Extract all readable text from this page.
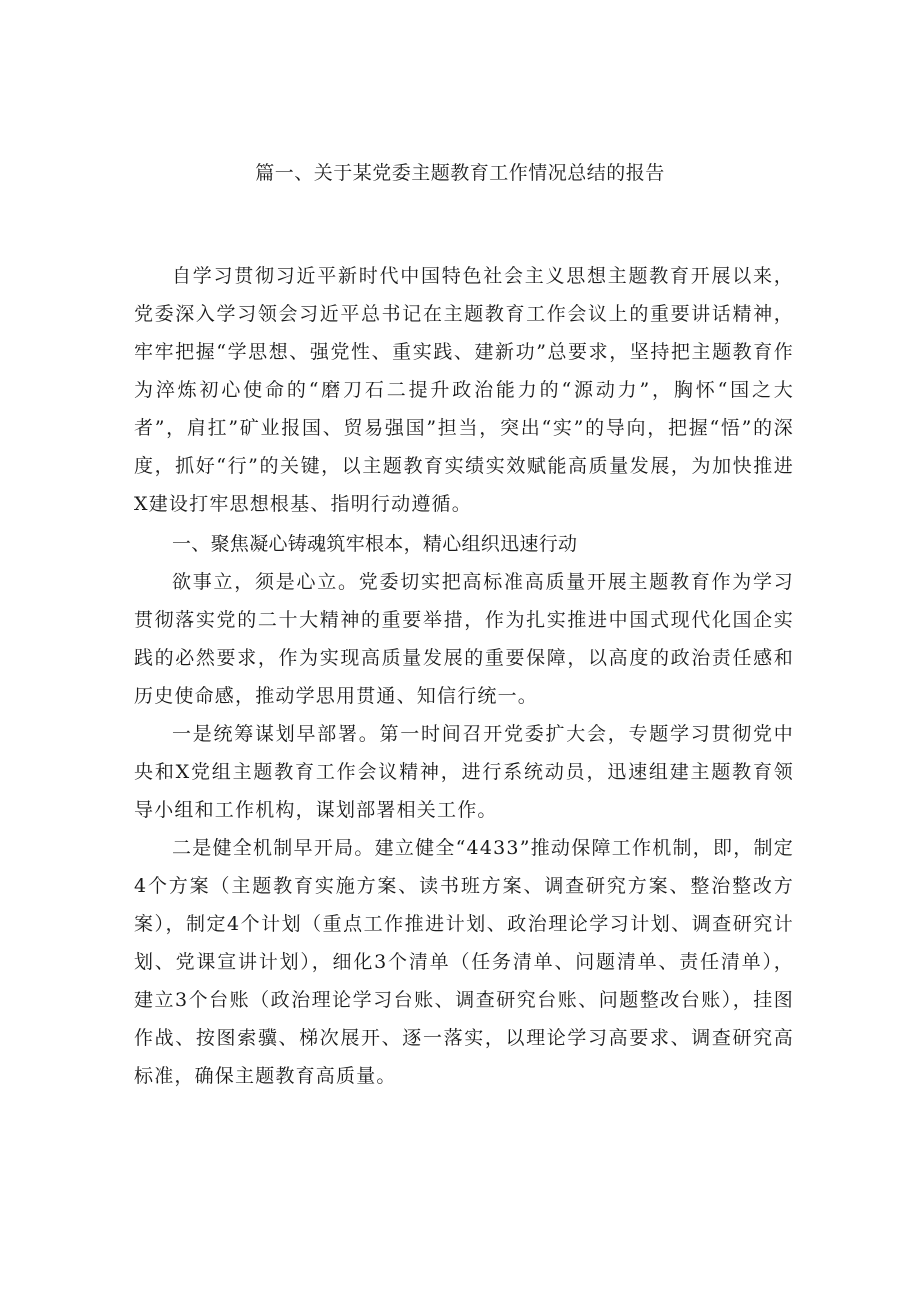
篇一、关于某党委主题教育工作情况总结的报告

自学习贯彻习近平新时代中国特色社会主义思想主题教育开展以来，党委深入学习领会习近平总书记在主题教育工作会议上的重要讲话精神，牢牢把握“学思想、强党性、重实践、建新功”总要求，坚持把主题教育作为淬炼初心使命的“磨刀石二提升政治能力的“源动力”，胸怀“国之大者”，肩扛”矿业报国、贸易强国”担当，突出“实”的导向，把握“悟”的深度，抓好“行”的关键，以主题教育实绩实效赋能高质量发展，为加快推进X建设打牢思想根基、指明行动遵循。

一、聚焦凝心铸魂筑牢根本，精心组织迅速行动

欲事立，须是心立。党委切实把高标准高质量开展主题教育作为学习贯彻落实党的二十大精神的重要举措，作为扎实推进中国式现代化国企实践的必然要求，作为实现高质量发展的重要保障，以高度的政治责任感和历史使命感，推动学思用贯通、知信行统一。

一是统筹谋划早部署。第一时间召开党委扩大会，专题学习贯彻党中央和X党组主题教育工作会议精神，进行系统动员，迅速组建主题教育领导小组和工作机构，谋划部署相关工作。

二是健全机制早开局。建立健全“4433”推动保障工作机制，即，制定4个方案（主题教育实施方案、读书班方案、调查研究方案、整治整改方案），制定4个计划（重点工作推进计划、政治理论学习计划、调查研究计划、党课宣讲计划），细化3个清单（任务清单、问题清单、责任清单），建立3个台账（政治理论学习台账、调查研究台账、问题整改台账），挂图作战、按图索骥、梯次展开、逐一落实，以理论学习高要求、调查研究高标准，确保主题教育高质量。
